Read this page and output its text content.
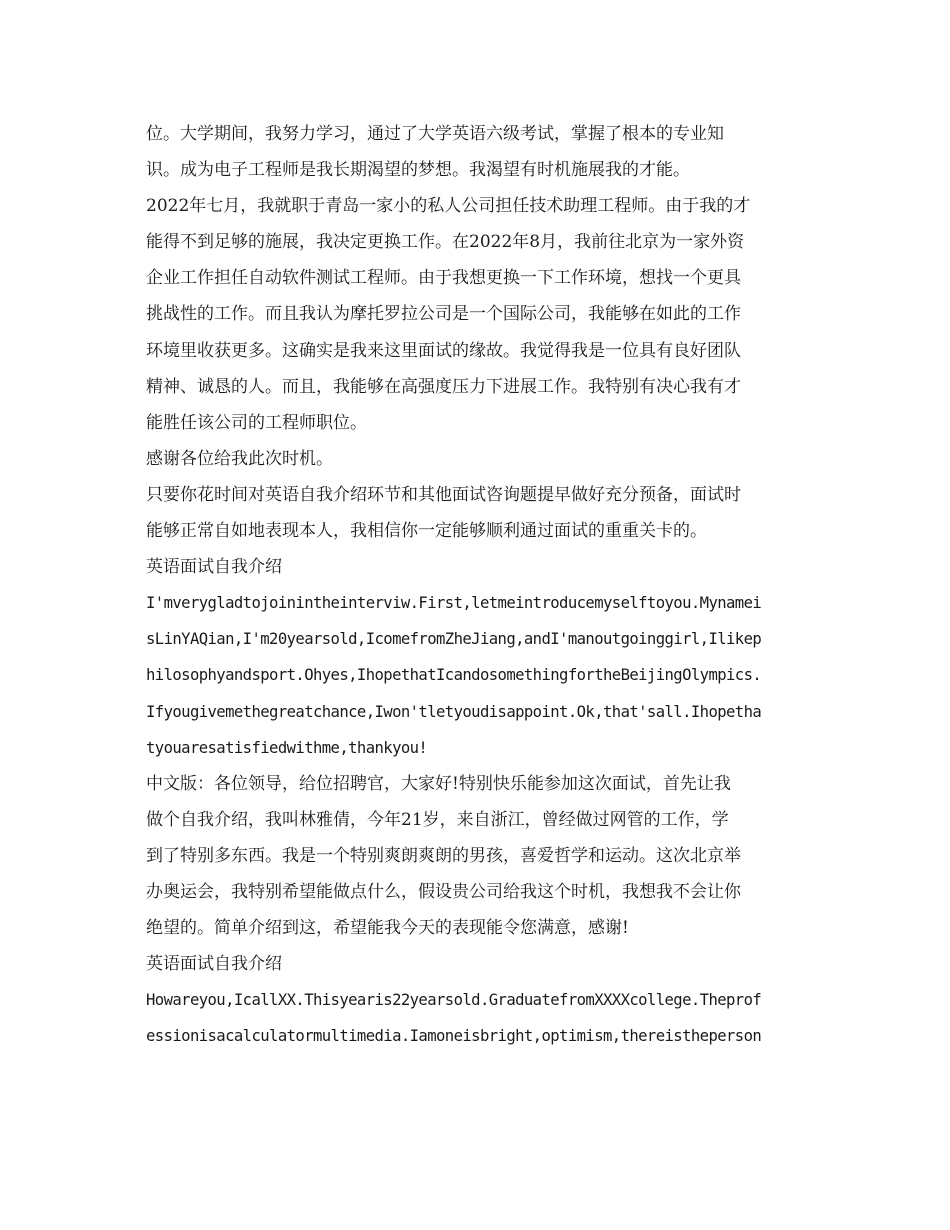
位。大学期间，我努力学习，通过了大学英语六级考试，掌握了根本的专业知
识。成为电子工程师是我长期渴望的梦想。我渴望有时机施展我的才能。
2022年七月，我就职于青岛一家小的私人公司担任技术助理工程师。由于我的才
能得不到足够的施展，我决定更换工作。在2022年8月，我前往北京为一家外资
企业工作担任自动软件测试工程师。由于我想更换一下工作环境，想找一个更具
挑战性的工作。而且我认为摩托罗拉公司是一个国际公司，我能够在如此的工作
环境里收获更多。这确实是我来这里面试的缘故。我觉得我是一位具有良好团队
精神、诚恳的人。而且，我能够在高强度压力下进展工作。我特别有决心我有才
能胜任该公司的工程师职位。
感谢各位给我此次时机。
只要你花时间对英语自我介绍环节和其他面试咨询题提早做好充分预备，面试时
能够正常自如地表现本人，我相信你一定能够顺利通过面试的重重关卡的。
英语面试自我介绍
I'mverygladtojoinintheinterviw.First,letmeintroducemyselftoyou.Mynamei
sLinYAQian,I'm20yearsold,IcomefromZheJiang,andI'manoutgoinggirl,Ilikep
hilosophyandsport.Ohyes,IhopethatIcandosomethingfortheBeijingOlympics.
Ifyougivemethegreatchance,Iwon'tletyoudisappoint.Ok,that'sall.Ihopetha
tyouaresatisfiedwithme,thankyou!
中文版：各位领导，给位招聘官，大家好!特别快乐能参加这次面试，首先让我
做个自我介绍，我叫林雅倩，今年21岁，来自浙江，曾经做过网管的工作，学
到了特别多东西。我是一个特别爽朗爽朗的男孩，喜爱哲学和运动。这次北京举
办奥运会，我特别希望能做点什么，假设贵公司给我这个时机，我想我不会让你
绝望的。简单介绍到这，希望能我今天的表现能令您满意，感谢!
英语面试自我介绍
Howareyou,IcallXX.Thisyearis22yearsold.GraduatefromXXXXcollege.Theprof
essionisacalculatormultimedia.Iamoneisbright,optimism,thereistheperson
